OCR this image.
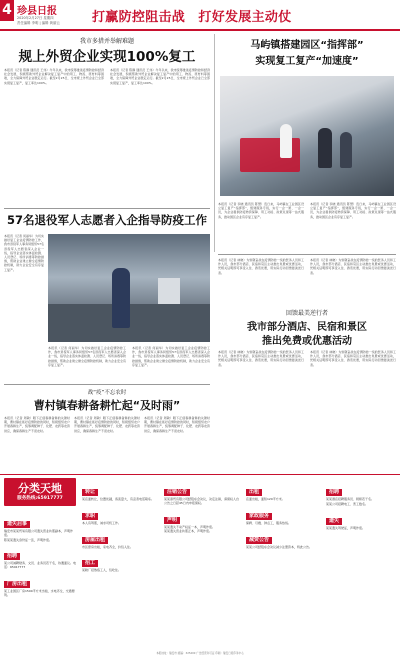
4 珍县日报
2020年2月27日 星期四
责任编辑 李明 | 编辑 黄丽云 打赢防控阻击战　打好发展主动仗
我市多措并举解难题
规上外贸企业实现100%复工
本报讯（记者 陈静 通讯员 王伟）今年以来，我市统筹推进疫情防控和经济社会发展，积极帮助外贸企业解决复工复产中的用工、物流、原材料等困难，全力保障外贸企业稳定运行。截至2月25日，全市规上外贸企业已全部实现复工复产，复工率达100%。
本报讯（记者 陈静 通讯员 王伟）今年以来，我市统筹推进疫情防控和经济社会发展，积极帮助外贸企业解决复工复产中的用工、物流、原材料等困难，全力保障外贸企业稳定运行。截至2月25日，全市规上外贸企业已全部实现复工复产，复工率达100%。
马屿镇搭建园区“指挥部”
实现复工复产“加速度”
本报讯（记者 李晓 通讯员 陈慧）连日来，马屿镇在工业园区设立复工复产“指挥部”，组建服务专班，实行一企一策、一企一员，为企业提供防疫物资保障、用工对接、政策兑现等一站式服务，推动园区企业有序复工复产。
本报讯（记者 李晓 通讯员 陈慧）连日来，马屿镇在工业园区设立复工复产“指挥部”，组建服务专班，实行一企一策、一企一员，为企业提供防疫物资保障、用工对接、政策兑现等一站式服务，推动园区企业有序复工复产。
57名退役军人志愿者入企指导防疫工作
本报讯（记者 何丽华）为切实做好复工企业疫情防控工作，我市退役军人事务局组织57名退役军人志愿者深入企业一线，指导企业落实体温检测、人员登记、场所消毒等防控措施，帮助企业建立健全疫情防控机制，助力企业安全有序复工复产。
本报讯（记者 何丽华）为切实做好复工企业疫情防控工作，我市退役军人事务局组织57名退役军人志愿者深入企业一线，指导企业落实体温检测、人员登记、场所消毒等防控措施，帮助企业建立健全疫情防控机制，助力企业安全有序复工复产。
本报讯（记者 何丽华）为切实做好复工企业疫情防控工作，我市退役军人事务局组织57名退役军人志愿者深入企业一线，指导企业落实体温检测、人员登记、场所消毒等防控措施，帮助企业建立健全疫情防控机制，助力企业安全有序复工复产。
本报讯（记者 林晓）为致敬奋战在疫情防控一线的医务人员和工作人员，我市部分酒店、民宿和景区主动推出免费或优惠活动，凭相关证明即可享受入住、游览优惠，用实际行动回馈最美逆行者。
本报讯（记者 林晓）为致敬奋战在疫情防控一线的医务人员和工作人员，我市部分酒店、民宿和景区主动推出免费或优惠活动，凭相关证明即可享受入住、游览优惠，用实际行动回馈最美逆行者。
回馈最美逆行者
我市部分酒店、民宿和景区
推出免费或优惠活动
本报讯（记者 林晓）为致敬奋战在疫情防控一线的医务人员和工作人员，我市部分酒店、民宿和景区主动推出免费或优惠活动，凭相关证明即可享受入住、游览优惠，用实际行动回馈最美逆行者。
本报讯（记者 林晓）为致敬奋战在疫情防控一线的医务人员和工作人员，我市部分酒店、民宿和景区主动推出免费或优惠活动，凭相关证明即可享受入住、游览优惠，用实际行动回馈最美逆行者。
战“疫”不忘农时
曹村镇春耕备耕忙起“及时雨”
本报讯（记者 周敏）眼下正值春耕备耕的关键时期，曹村镇在抓好疫情防控的同时，积极组织农户开展春耕生产，统筹调配种子、化肥、农药等农资供应，确保春耕生产不误农时。
本报讯（记者 周敏）眼下正值春耕备耕的关键时期，曹村镇在抓好疫情防控的同时，积极组织农户开展春耕生产，统筹调配种子、化肥、农药等农资供应，确保春耕生产不误农时。
本报讯（记者 周敏）眼下正值春耕备耕的关键时期，曹村镇在抓好疫情防控的同时，积极组织农户开展春耕生产，统筹调配种子、化肥、农药等农资供应，确保春耕生产不误农时。
分类天地
服务热线:65917777
遗失启事
瑞安市某某贸易有限公司遗失营业执照副本，声明作废。
陈某某遗失身份证一张，声明作废。
招聘
某公司诚聘财务、文员、业务员若干名，待遇面议。电话：65917777
厂房出租
某工业园区厂房1500平方米出租，水电齐全，交通便利。
转让
某店面转让，位置优越，客流量大，有意者电话联系。
求职
本人有驾照，诚求司机工作。
房屋出租
市区套房出租，家电齐全，拎包入住。
招工
某鞋厂招熟练工人，包吃住。
注销公告
某某商贸有限公司经股东会决议，决定注销，请债权人自公告之日起45日内申报债权。
声明
某某遗失不动产权证一本，声明作废。
某某遗失营业执照正本，声明作废。
出租
店面出租，面积120平方米。
家政服务
保姆、月嫂、钟点工，服务热线。
减资公告
某某公司经股东会决议减少注册资本，特此公告。
招聘
某某酒店招聘服务员、厨师若干名。
某某公司招聘电工、普工数名。
遗失
某某遗失驾驶证，声明作废。
本报地址：瑞安市 邮编：325200 广告经营许可证 印刷：瑞安日报印务中心
